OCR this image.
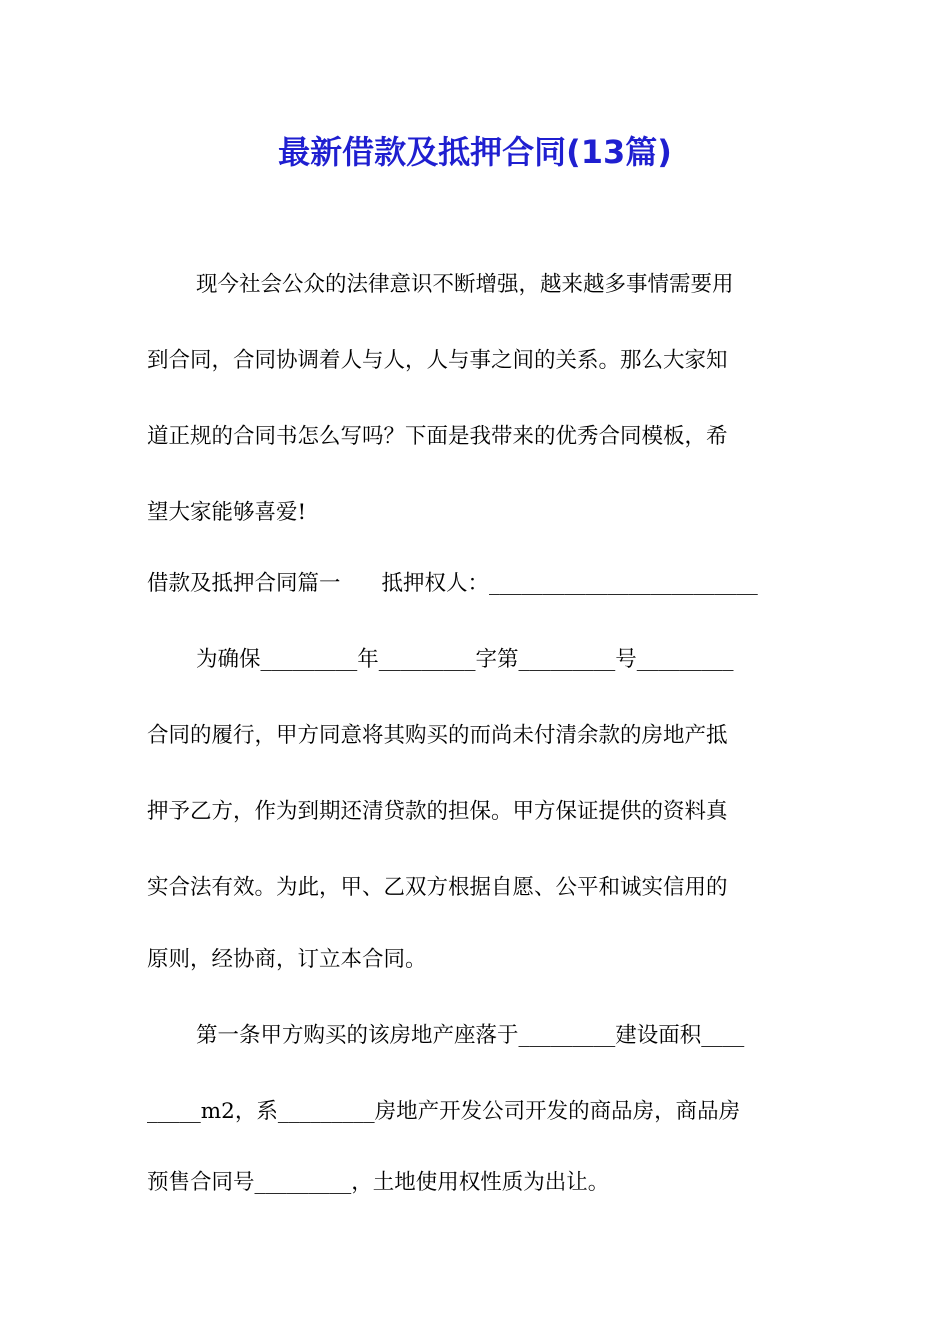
最新借款及抵押合同(13篇)
现今社会公众的法律意识不断增强，越来越多事情需要用
到合同，合同协调着人与人，人与事之间的关系。那么大家知
道正规的合同书怎么写吗？下面是我带来的优秀合同模板，希
望大家能够喜爱!
借款及抵押合同篇一      抵押权人：_________________________
为确保_________年_________字第_________号_________
合同的履行，甲方同意将其购买的而尚未付清余款的房地产抵
押予乙方，作为到期还清贷款的担保。甲方保证提供的资料真
实合法有效。为此，甲、乙双方根据自愿、公平和诚实信用的
原则，经协商，订立本合同。
第一条甲方购买的该房地产座落于_________建设面积____
_____m2，系_________房地产开发公司开发的商品房，商品房
预售合同号_________，土地使用权性质为出让。
